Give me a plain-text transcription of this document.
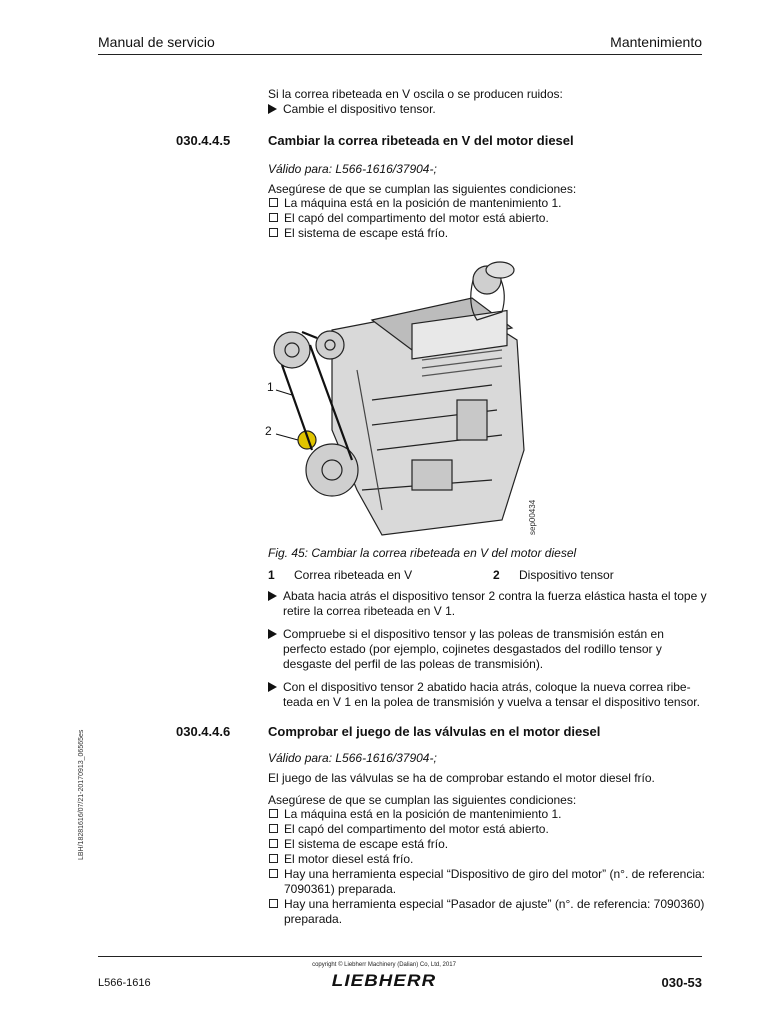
Manual de servicio	Mantenimiento
Si la correa ribeteada en V oscila o se producen ruidos:
Cambie el dispositivo tensor.
030.4.4.5	Cambiar la correa ribeteada en V del motor diesel
Válido para: L566-1616/37904-;
Asegúrese de que se cumplan las siguientes condiciones:
La máquina está en la posición de mantenimiento 1.
El capó del compartimento del motor está abierto.
El sistema de escape está frío.
1
2
sep00434
Fig. 45: Cambiar la correa ribeteada en V del motor diesel
1 Correa ribeteada en V	2 Dispositivo tensor
Abata hacia atrás el dispositivo tensor 2 contra la fuerza elástica hasta el tope y
retire la correa ribeteada en V 1.
Compruebe si el dispositivo tensor y las poleas de transmisión están en
perfecto estado (por ejemplo, cojinetes desgastados del rodillo tensor y
desgaste del perfil de las poleas de transmisión).
Con el dispositivo tensor 2 abatido hacia atrás, coloque la nueva correa ribe-
teada en V 1 en la polea de transmisión y vuelva a tensar el dispositivo tensor.
030.4.4.6	Comprobar el juego de las válvulas en el motor diesel
Válido para: L566-1616/37904-;
El juego de las válvulas se ha de comprobar estando el motor diesel frío.
Asegúrese de que se cumplan las siguientes condiciones:
La máquina está en la posición de mantenimiento 1.
El capó del compartimento del motor está abierto.
El sistema de escape está frío.
El motor diesel está frío.
Hay una herramienta especial “Dispositivo de giro del motor” (n°. de referencia:
7090361) preparada.
Hay una herramienta especial “Pasador de ajuste” (n°. de referencia: 7090360)
preparada.
LBH/18281616/07/21-20170913_06565es
copyright © Liebherr Machinery (Dalian) Co, Ltd, 2017
L566-1616	LIEBHERR	030-53
